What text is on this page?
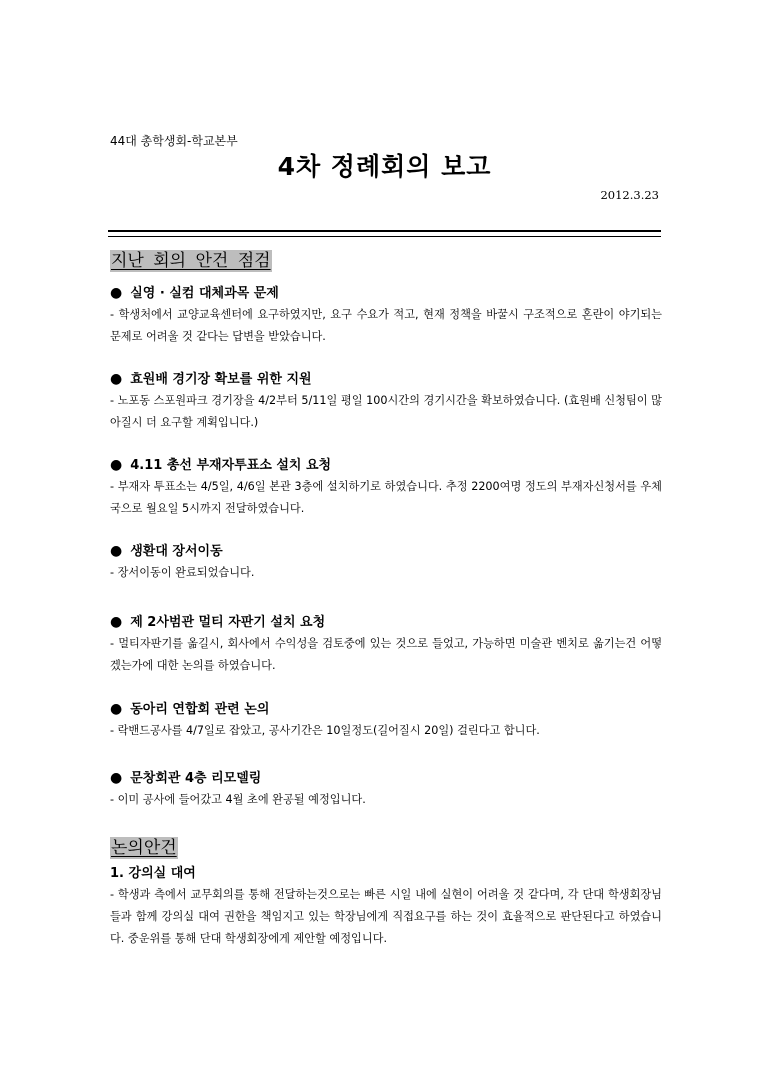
44대 총학생회-학교본부
4차 정례회의 보고
2012.3.23
지난 회의 안건 점검
● 실영 · 실컴 대체과목 문제
- 학생처에서 교양교육센터에 요구하였지만, 요구 수요가 적고, 현재 정책을 바꿀시 구조적으로 혼란이 야기되는 문제로 어려울 것 같다는 답변을 받았습니다.
● 효원배 경기장 확보를 위한 지원
- 노포동 스포원파크 경기장을 4/2부터 5/11일 평일 100시간의 경기시간을 확보하였습니다. (효원배 신청팀이 많아질시 더 요구할 계획입니다.)
● 4.11 총선 부재자투표소 설치 요청
- 부재자 투표소는 4/5일, 4/6일 본관 3층에 설치하기로 하였습니다. 추정 2200여명 정도의 부재자신청서를 우체국으로 월요일 5시까지 전달하였습니다.
● 생환대 장서이동
- 장서이동이 완료되었습니다.
● 제 2사범관 멀티 자판기 설치 요청
- 멀티자판기를 옮길시, 회사에서 수익성을 검토중에 있는 것으로 들었고, 가능하면 미술관 벤치로 옮기는건 어떻겠는가에 대한 논의를 하였습니다.
● 동아리 연합회 관련 논의
- 락밴드공사를 4/7일로 잡았고, 공사기간은 10일정도(길어질시 20일) 걸린다고 합니다.
● 문창회관 4층 리모델링
- 이미 공사에 들어갔고 4월 초에 완공될 예정입니다.
논의안건
1. 강의실 대여
- 학생과 측에서 교무회의를 통해 전달하는것으로는 빠른 시일 내에 실현이 어려울 것 같다며, 각 단대 학생회장님들과 함께 강의실 대여 권한을 책임지고 있는 학장님에게 직접요구를 하는 것이 효율적으로 판단된다고 하였습니다. 중운위를 통해 단대 학생회장에게 제안할 예정입니다.
